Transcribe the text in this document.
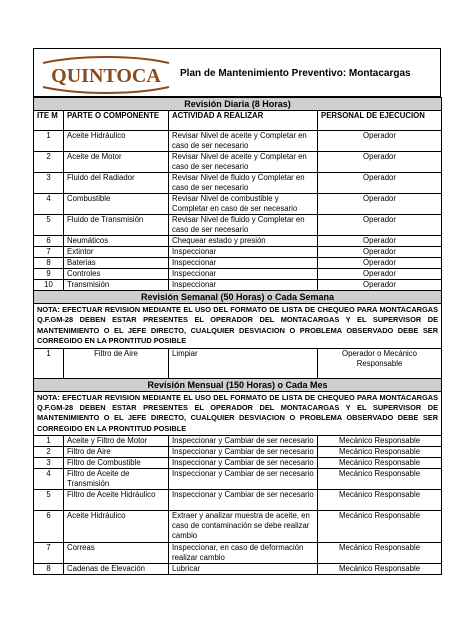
QUINTOCA Plan de Mantenimiento Preventivo: Montacargas
Revisión Diaria (8 Horas)			
ITE M	PARTE O COMPONENTE	ACTIVIDAD A REALIZAR	PERSONAL DE EJECUCION
1	Aceite Hidráulico	Revisar Nivel de aceite y Completar en caso de ser necesario	Operador
2	Aceite de Motor	Revisar Nivel de aceite y Completar en caso de ser necesario	Operador
3	Fluido del Radiador	Revisar Nivel de fluido y Completar en caso de ser necesario	Operador
4	Combustible	Revisar Nivel de combustible y Completar en caso de ser necesario	Operador
5	Fluido de Transmisión	Revisar Nivel de fluido y Completar en caso de ser necesario	Operador
6	Neumáticos	Chequear estado y presión	Operador
7	Extintor	Inspeccionar	Operador
8	Baterias	Inspeccionar	Operador
9	Controles	Inspeccionar	Operador
10	Transmisión	Inspeccionar	Operador
Revisión Semanal (50 Horas) o Cada Semana			
NOTA: EFECTUAR REVISION MEDIANTE EL USO DEL FORMATO DE LISTA DE CHEQUEO PARA MONTACARGAS Q.F.GM-28 DEBEN ESTAR PRESENTES EL OPERADOR DEL MONTACARGAS Y EL SUPERVISOR DE MANTENIMIENTO O EL JEFE DIRECTO, CUALQUIER DESVIACION O PROBLEMA OBSERVADO DEBE SER CORREGIDO EN LA PRONTITUD POSIBLE			
1	Filtro de Aire	Limpiar	Operador o Mecánico Responsable
Revisión Mensual (150 Horas) o Cada Mes			
NOTA: EFECTUAR REVISION MEDIANTE EL USO DEL FORMATO DE LISTA DE CHEQUEO PARA MONTACARGAS Q.F.GM-28 DEBEN ESTAR PRESENTES EL OPERADOR DEL MONTACARGAS Y EL SUPERVISOR DE MANTENIMIENTO O EL JEFE DIRECTO, CUALQUIER DESVIACION O PROBLEMA OBSERVADO DEBE SER CORREGIDO EN LA PRONTITUD POSIBLE			
1	Aceite y Filtro de Motor	Inspeccionar y Cambiar de ser necesario	Mecánico Responsable
2	Filtro de Aire	Inspeccionar y Cambiar de ser necesario	Mecánico Responsable
3	Filtro de Combustible	Inspeccionar y Cambiar de ser necesario	Mecánico Responsable
4	Filtro de Aceite de Transmisión	Inspeccionar y Cambiar de ser necesario	Mecánico Responsable
5	Filtro de Aceite Hidráulico	Inspeccionar y Cambiar de ser necesario	Mecánico Responsable
6	Aceite Hidráulico	Extraer y analizar muestra de aceite, en caso de contaminación se debe realizar cambio	Mecánico Responsable
7	Correas	Inspeccionar, en caso de deformación realizar cambio	Mecánico Responsable
8	Cadenas de Elevación	Lubricar	Mecánico Responsable
